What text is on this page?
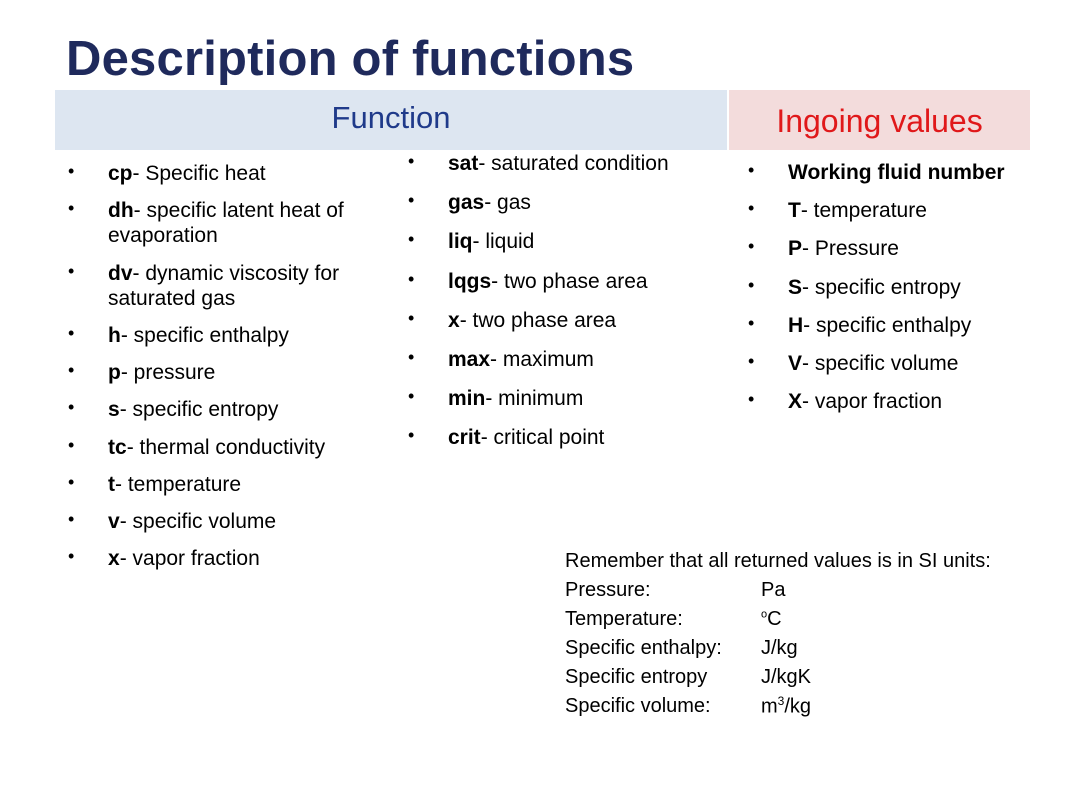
Description of functions
Function	Ingoing values
• cp- Specific heat
• dh- specific latent heat of evaporation
• dv- dynamic viscosity for saturated gas
• h- specific enthalpy
• p- pressure
• s- specific entropy
• tc- thermal conductivity
• t- temperature
• v- specific volume
• x- vapor fraction
• sat- saturated condition
• gas- gas
• liq- liquid
• lqgs- two phase area
• x- two phase area
• max- maximum
• min- minimum
• crit- critical point
• Working fluid number
• T- temperature
• P- Pressure
• S- specific entropy
• H- specific enthalpy
• V- specific volume
• X- vapor fraction

Remember that all returned values is in SI units:

Pressure:	Pa
Temperature:	$^o$C
Specific enthalpy:	J/kg
Specific entropy	J/kgK
Specific volume:	$m^3/kg$
